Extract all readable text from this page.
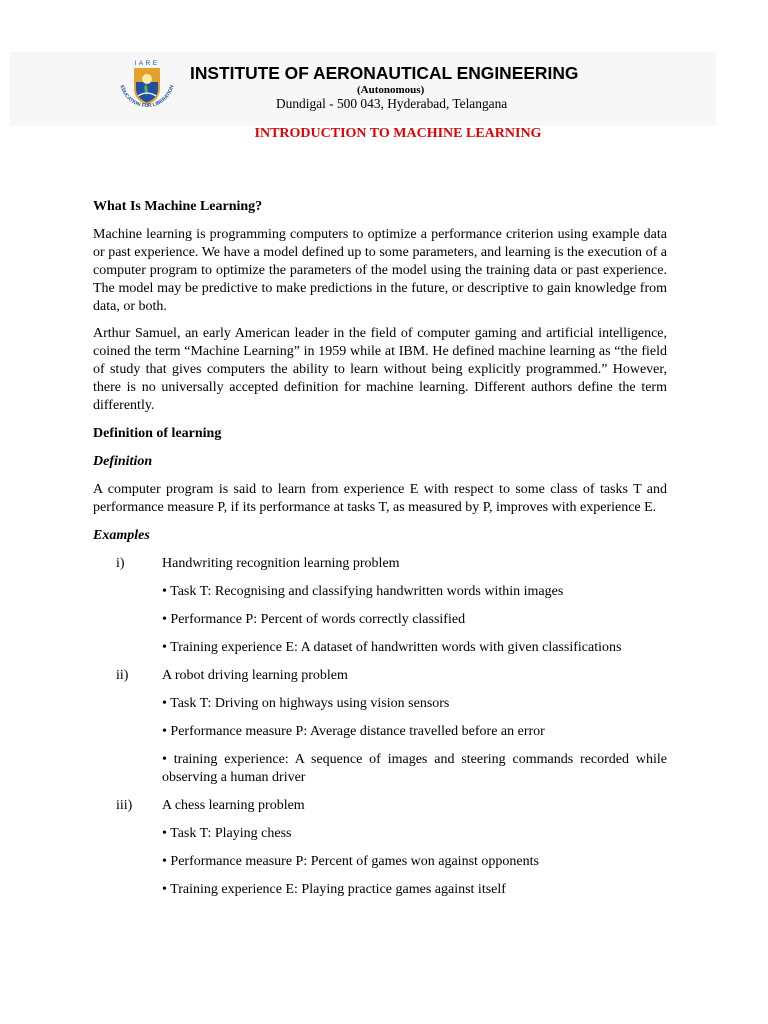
IARE
EDUCATION FOR LIBERATION
INSTITUTE OF AERONAUTICAL ENGINEERING
(Autonomous)
Dundigal - 500 043, Hyderabad, Telangana
INTRODUCTION TO MACHINE LEARNING

What Is Machine Learning?

Machine learning is programming computers to optimize a performance criterion using example data or past experience. We have a model defined up to some parameters, and learning is the execution of a computer program to optimize the parameters of the model using the training data or past experience. The model may be predictive to make predictions in the future, or descriptive to gain knowledge from data, or both.

Arthur Samuel, an early American leader in the field of computer gaming and artificial intelligence, coined the term “Machine Learning” in 1959 while at IBM. He defined machine learning as “the field of study that gives computers the ability to learn without being explicitly programmed.” However, there is no universally accepted definition for machine learning. Different authors define the term differently.

Definition of learning

Definition

A computer program is said to learn from experience E with respect to some class of tasks T and performance measure P, if its performance at tasks T, as measured by P, improves with experience E.

Examples

i)	Handwriting recognition learning problem

• Task T: Recognising and classifying handwritten words within images

• Performance P: Percent of words correctly classified

• Training experience E: A dataset of handwritten words with given classifications

ii) A robot driving learning problem

• Task T: Driving on highways using vision sensors

• Performance measure P: Average distance travelled before an error

• training experience: A sequence of images and steering commands recorded while observing a human driver

iii) A chess learning problem

• Task T: Playing chess

• Performance measure P: Percent of games won against opponents

• Training experience E: Playing practice games against itself
